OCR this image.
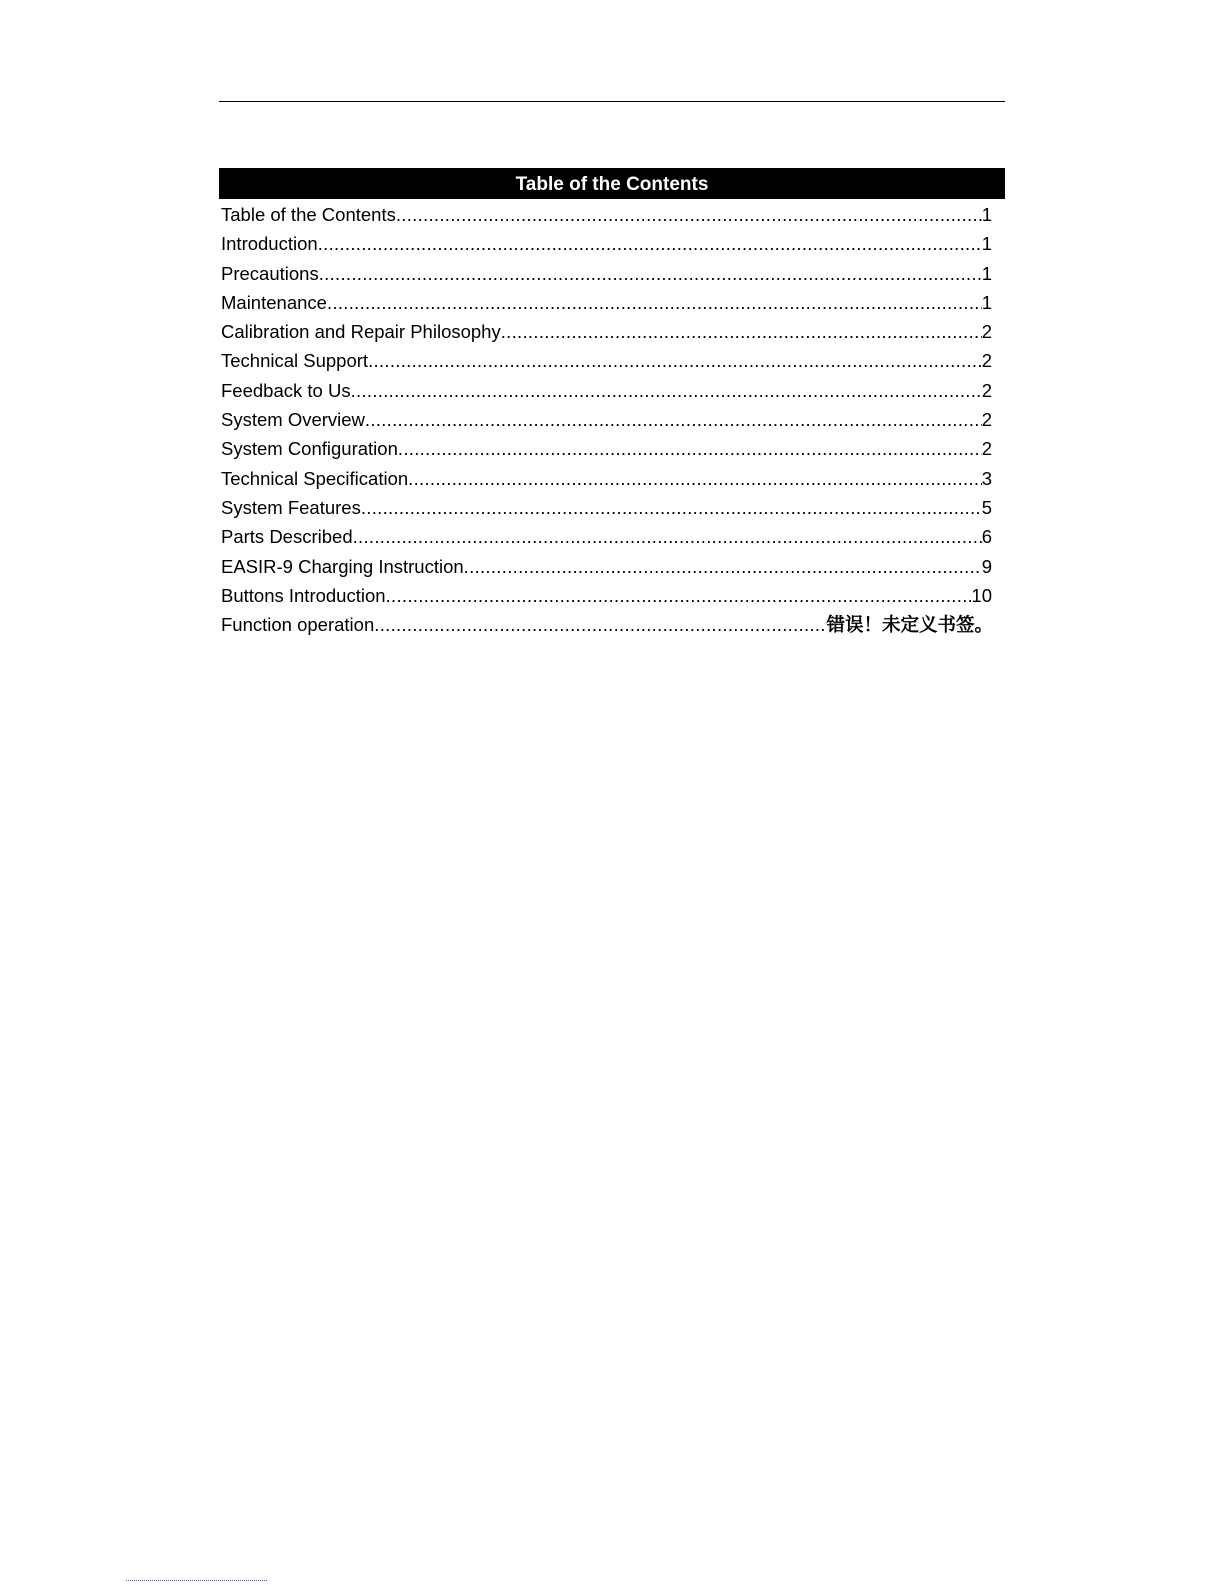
Table of the Contents
Table of the Contents .....	1
Introduction .....	1
Precautions .....	1
Maintenance .....	1
Calibration and Repair Philosophy .....	2
Technical Support .....	2
Feedback to Us .....	2
System Overview .....	2
System Configuration .....	2
Technical Specification .....	3
System Features .....	5
Parts Described .....	6
EASIR-9 Charging Instruction .....	9
Buttons Introduction .....	10
Function operation .....	错误！未定义书签。
